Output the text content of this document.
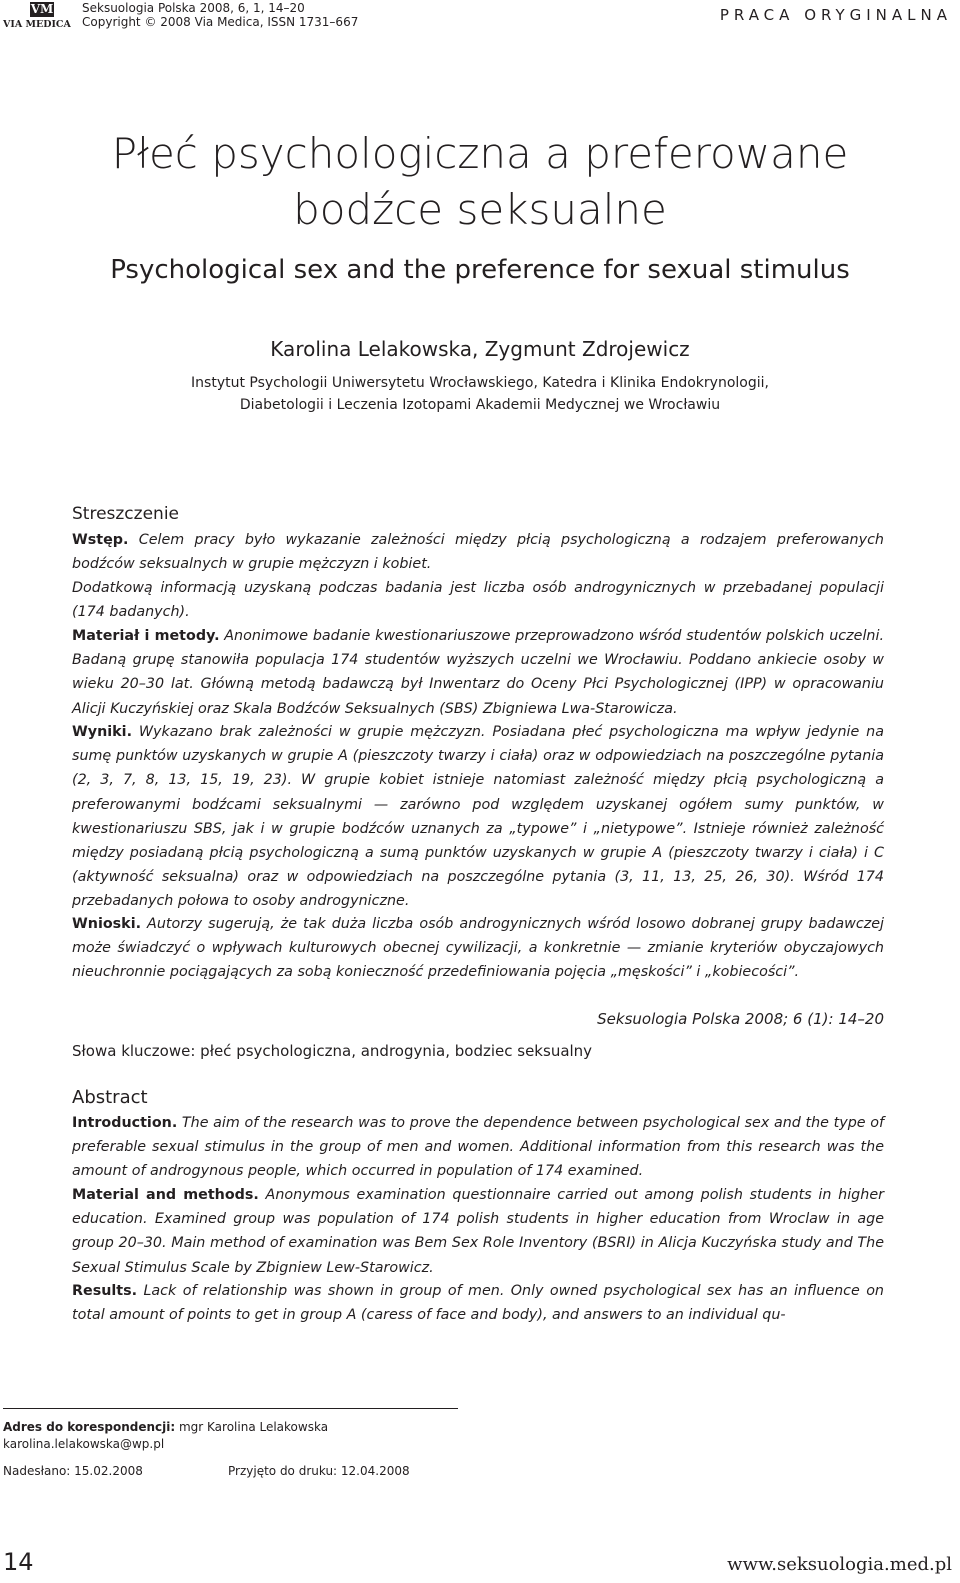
VM
VIA MEDICA
Seksuologia Polska 2008, 6, 1, 14–20
Copyright © 2008 Via Medica, ISSN 1731–667	PRACA ORYGINALNA
Płeć psychologiczna a preferowane
bodźce seksualne
Psychological sex and the preference for sexual stimulus
Karolina Lelakowska, Zygmunt Zdrojewicz
Instytut Psychologii Uniwersytetu Wrocławskiego, Katedra i Klinika Endokrynologii,
Diabetologii i Leczenia Izotopami Akademii Medycznej we Wrocławiu
Streszczenie
Wstęp. Celem pracy było wykazanie zależności między płcią psychologiczną a rodzajem preferowanych bodźców seksualnych w grupie mężczyzn i kobiet.
Dodatkową informacją uzyskaną podczas badania jest liczba osób androgynicznych w przebadanej populacji (174 badanych).
Materiał i metody. Anonimowe badanie kwestionariuszowe przeprowadzono wśród studentów polskich uczelni. Badaną grupę stanowiła populacja 174 studentów wyższych uczelni we Wrocławiu. Poddano ankiecie osoby w wieku 20–30 lat. Główną metodą badawczą był Inwentarz do Oceny Płci Psychologicznej (IPP) w opracowaniu Alicji Kuczyńskiej oraz Skala Bodźców Seksualnych (SBS) Zbigniewa Lwa-Starowicza.
Wyniki. Wykazano brak zależności w grupie mężczyzn. Posiadana płeć psychologiczna ma wpływ jedynie na sumę punktów uzyskanych w grupie A (pieszczoty twarzy i ciała) oraz w odpowiedziach na poszczególne pytania (2, 3, 7, 8, 13, 15, 19, 23). W grupie kobiet istnieje natomiast zależność między płcią psychologiczną a preferowanymi bodźcami seksualnymi — zarówno pod względem uzyskanej ogółem sumy punktów, w kwestionariuszu SBS, jak i w grupie bodźców uznanych za „typowe” i „nietypowe”. Istnieje również zależność między posiadaną płcią psychologiczną a sumą punktów uzyskanych w grupie A (pieszczoty twarzy i ciała) i C (aktywność seksualna) oraz w odpowiedziach na poszczególne pytania (3, 11, 13, 25, 26, 30). Wśród 174 przebadanych połowa to osoby androgyniczne.
Wnioski. Autorzy sugerują, że tak duża liczba osób androgynicznych wśród losowo dobranej grupy badawczej może świadczyć o wpływach kulturowych obecnej cywilizacji, a konkretnie — zmianie kryteriów obyczajowych nieuchronnie pociągających za sobą konieczność przedefiniowania pojęcia „męskości” i „kobiecości”.
Seksuologia Polska 2008; 6 (1): 14–20
Słowa kluczowe: płeć psychologiczna, androgynia, bodziec seksualny
Abstract
Introduction. The aim of the research was to prove the dependence between psychological sex and the type of preferable sexual stimulus in the group of men and women. Additional information from this research was the amount of androgynous people, which occurred in population of 174 examined.
Material and methods. Anonymous examination questionnaire carried out among polish students in higher education. Examined group was population of 174 polish students in higher education from Wroclaw in age group 20–30. Main method of examination was Bem Sex Role Inventory (BSRI) in Alicja Kuczyńska study and The Sexual Stimulus Scale by Zbigniew Lew-Starowicz.
Results. Lack of relationship was shown in group of men. Only owned psychological sex has an influence on total amount of points to get in group A (caress of face and body), and answers to an individual qu-
Adres do korespondencji: mgr Karolina Lelakowska
karolina.lelakowska@wp.pl
Nadesłano: 15.02.2008	Przyjęto do druku: 12.04.2008
14	www.seksuologia.med.pl
